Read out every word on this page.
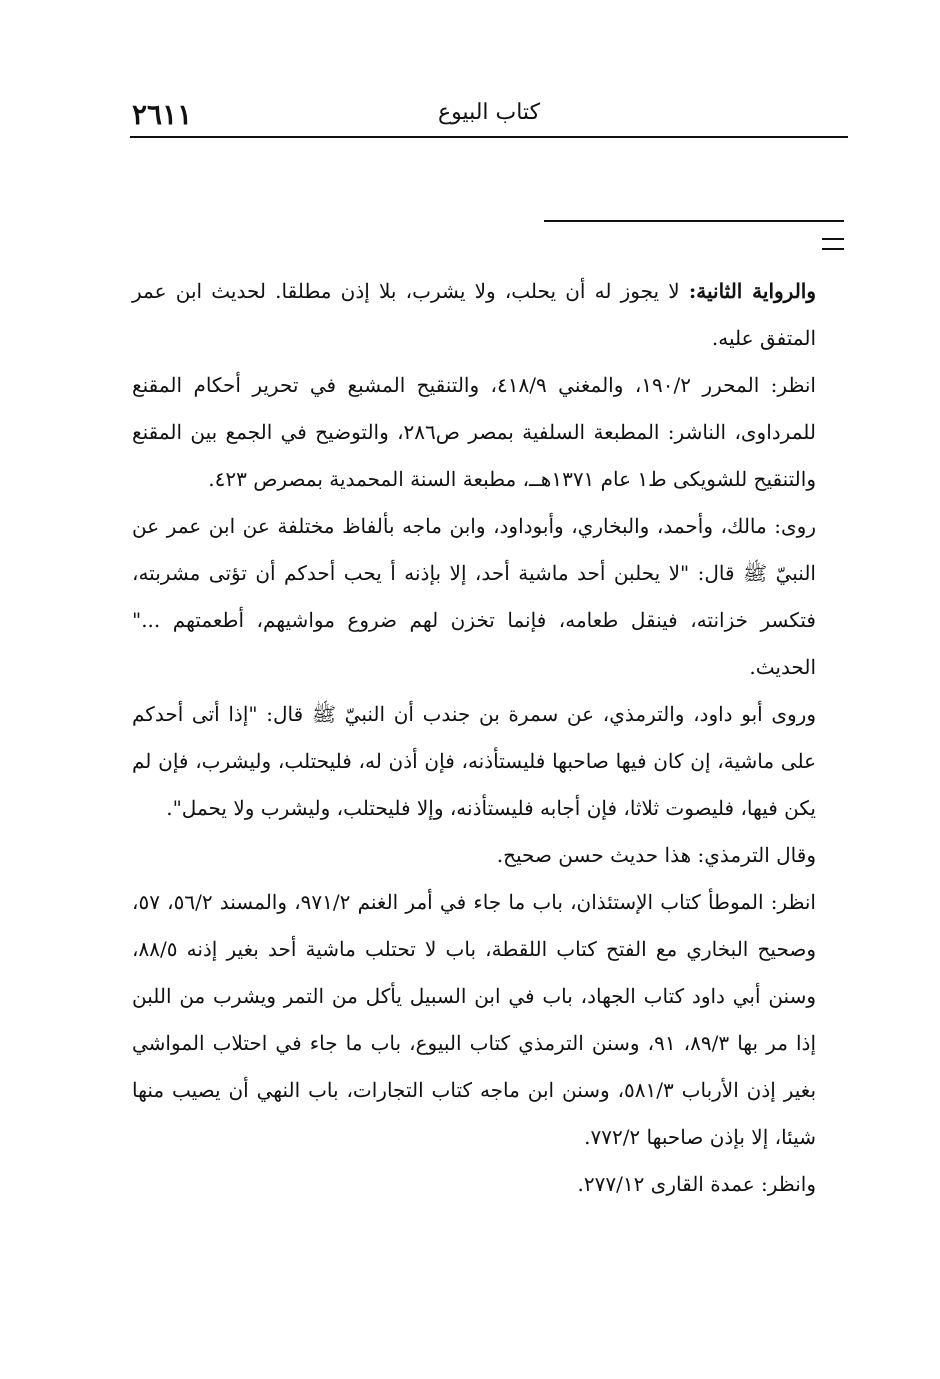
٢٦١١	كتاب البيوع

والرواية الثانية: لا يجوز له أن يحلب، ولا يشرب، بلا إذن مطلقا. لحديث ابن عمر المتفق عليه.

انظر: المحرر ١٩٠/٢، والمغني ٤١٨/٩، والتنقيح المشبع في تحرير أحكام المقنع للمرداوى، الناشر: المطبعة السلفية بمصر ص٢٨٦، والتوضيح في الجمع بين المقنع والتنقيح للشويكى ط١ عام ١٣٧١هــ، مطبعة السنة المحمدية بمصرص ٤٢٣.

روى: مالك، وأحمد، والبخاري، وأبوداود، وابن ماجه بألفاظ مختلفة عن ابن عمر عن النبيّ ﷺ قال: "لا يحلبن أحد ماشية أحد، إلا بإذنه أ يحب أحدكم أن تؤتى مشربته، فتكسر خزانته، فينقل طعامه، فإنما تخزن لهم ضروع مواشيهم، أطعمتهم ..." الحديث.

وروى أبو داود، والترمذي، عن سمرة بن جندب أن النبيّ ﷺ قال: "إذا أتى أحدكم على ماشية، إن كان فيها صاحبها فليستأذنه، فإن أذن له، فليحتلب، وليشرب، فإن لم يكن فيها، فليصوت ثلاثا، فإن أجابه فليستأذنه، وإلا فليحتلب، وليشرب ولا يحمل".

وقال الترمذي: هذا حديث حسن صحيح.

انظر: الموطأ كتاب الإستئذان، باب ما جاء في أمر الغنم ٩٧١/٢، والمسند ٥٦/٢، ٥٧، وصحيح البخاري مع الفتح كتاب اللقطة، باب لا تحتلب ماشية أحد بغير إذنه ٨٨/٥، وسنن أبي داود كتاب الجهاد، باب في ابن السبيل يأكل من التمر ويشرب من اللبن إذا مر بها ٨٩/٣، ٩١، وسنن الترمذي كتاب البيوع، باب ما جاء في احتلاب المواشي بغير إذن الأرباب ٥٨١/٣، وسنن ابن ماجه كتاب التجارات، باب النهي أن يصيب منها شيئا، إلا بإذن صاحبها ٧٧٢/٢.

وانظر: عمدة القارى ٢٧٧/١٢.
